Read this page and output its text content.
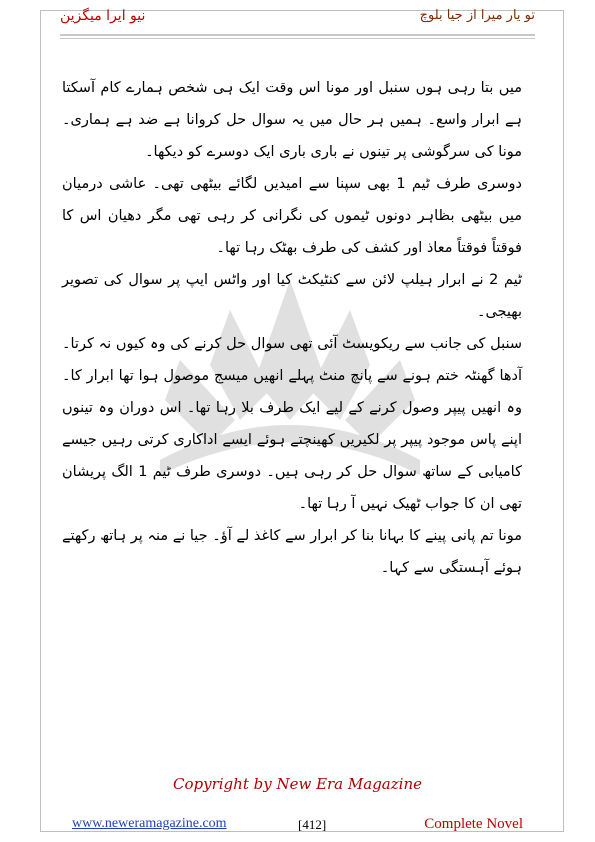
نیو ایرا میگزین	تو یار میرا از جیا بلوچ

میں بتا رہی ہوں سنبل اور مونا اس وقت ایک ہی شخص ہمارے کام آسکتا ہے ابرار واسع۔ ہمیں ہر حال میں یہ سوال حل کروانا ہے ضد ہے ہماری۔ مونا کی سرگوشی پر تینوں نے باری باری ایک دوسرے کو دیکھا۔

دوسری طرف ٹیم 1 بھی سپنا سے امیدیں لگائے بیٹھی تھی۔ عاشی درمیان میں بیٹھی بظاہر دونوں ٹیموں کی نگرانی کر رہی تھی مگر دھیان اس کا فوقتاً فوقتاً معاذ اور کشف کی طرف بھٹک رہا تھا۔

ٹیم 2 نے ابرار ہیلپ لائن سے کنٹیکٹ کیا اور واٹس ایپ پر سوال کی تصویر بھیجی۔

سنبل کی جانب سے ریکویسٹ آئی تھی سوال حل کرنے کی وہ کیوں نہ کرتا۔ آدھا گھنٹہ ختم ہونے سے پانچ منٹ پہلے انھیں میسج موصول ہوا تھا ابرار کا۔ وہ انھیں پیپر وصول کرنے کے لیے ایک طرف بلا رہا تھا۔ اس دوران وہ تینوں اپنے پاس موجود پیپر پر لکیریں کھینچتے ہوئے ایسے اداکاری کرتی رہیں جیسے کامیابی کے ساتھ سوال حل کر رہی ہیں۔ دوسری طرف ٹیم 1 الگ پریشان تھی ان کا جواب ٹھیک نہیں آ رہا تھا۔

مونا تم پانی پینے کا بہانا بنا کر ابرار سے کاغذ لے آؤ۔ جیا نے منہ پر ہاتھ رکھتے ہوئے آہستگی سے کہا۔

Copyright by New Era Magazine
www.neweramagazine.com	[412]	Complete Novel
